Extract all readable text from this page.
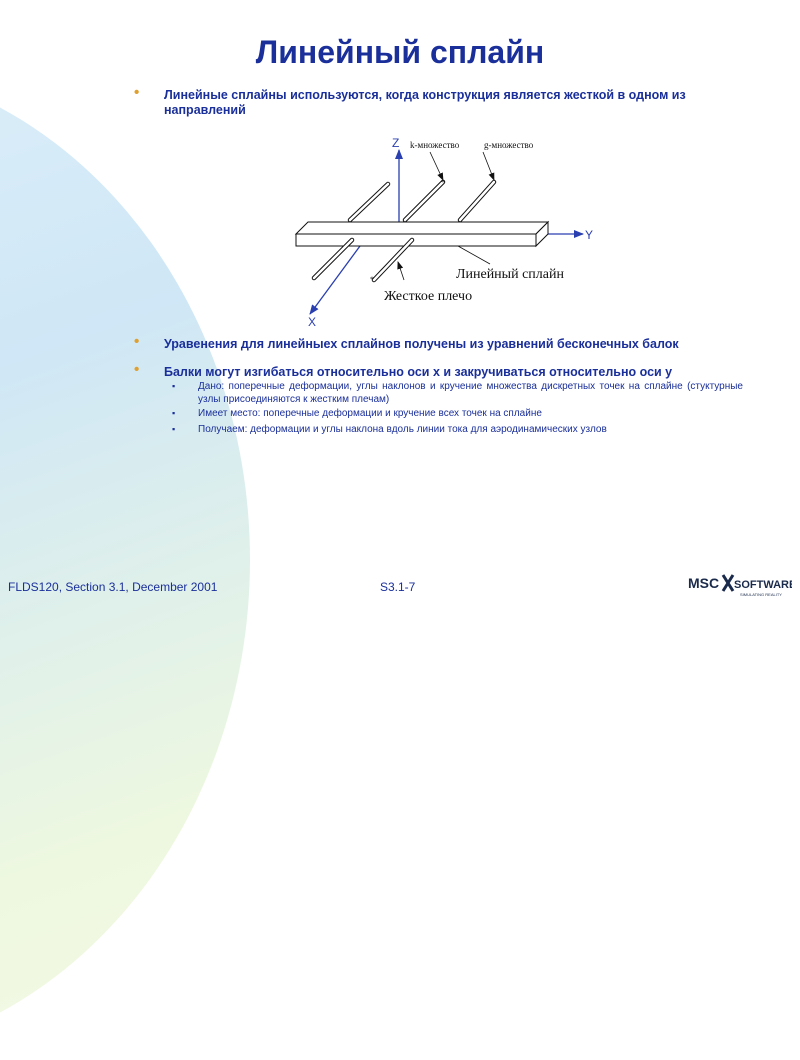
Линейный сплайн
•	Линейные сплайны используются, когда конструкция является жесткой в одном из направлений
Z
Y
X
k-множество	g-множество
*
*	Линейный сплайн
Жесткое плечо
•	Уравенения для линейныех сплайнов получены из уравнений бесконечных балок
•	Балки могут изгибаться относительно оси x и закручиваться относительно оси y
▪ Дано: поперечные деформации, углы наклонов и кручение множества дискретных точек на сплайне (стуктурные узлы присоединяются к жестким плечам)
▪ Имеет место: поперечные деформации и кручение всех точек на сплайне
▪ Получаем: деформации и углы наклона вдоль линии тока для аэродинамических узлов
FLDS120, Section 3.1, December 2001	S3.1-7	MSC SOFTWARE
SIMULATING REALITY
